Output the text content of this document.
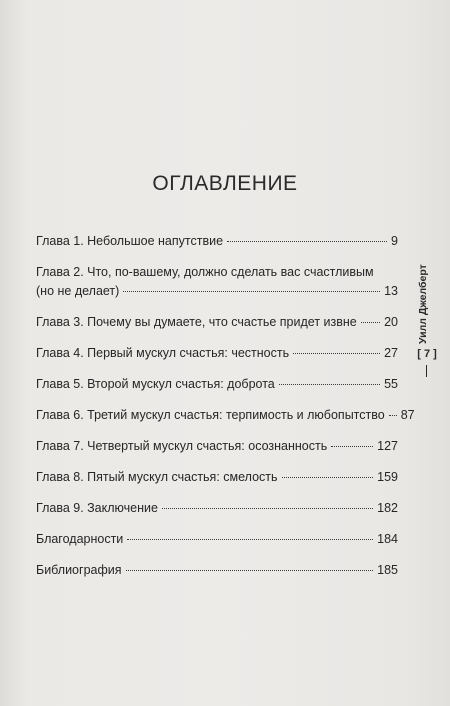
ОГЛАВЛЕНИЕ
Глава 1. Небольшое напутствие	9
Глава 2. Что, по-вашему, должно сделать вас счастливым
(но не делает)	13
Глава 3. Почему вы думаете, что счастье придет извне 20
Глава 4. Первый мускул счастья: честность	27
Глава 5. Второй мускул счастья: доброта	55
Глава 6. Третий мускул счастья: терпимость и любопытство 87
Глава 7. Четвертый мускул счастья: осознанность	127
Глава 8. Пятый мускул счастья: смелость	159
Глава 9. Заключение	182
Благодарности	184
Библиография	185
Уилл Джелберт
[ 7 ]
